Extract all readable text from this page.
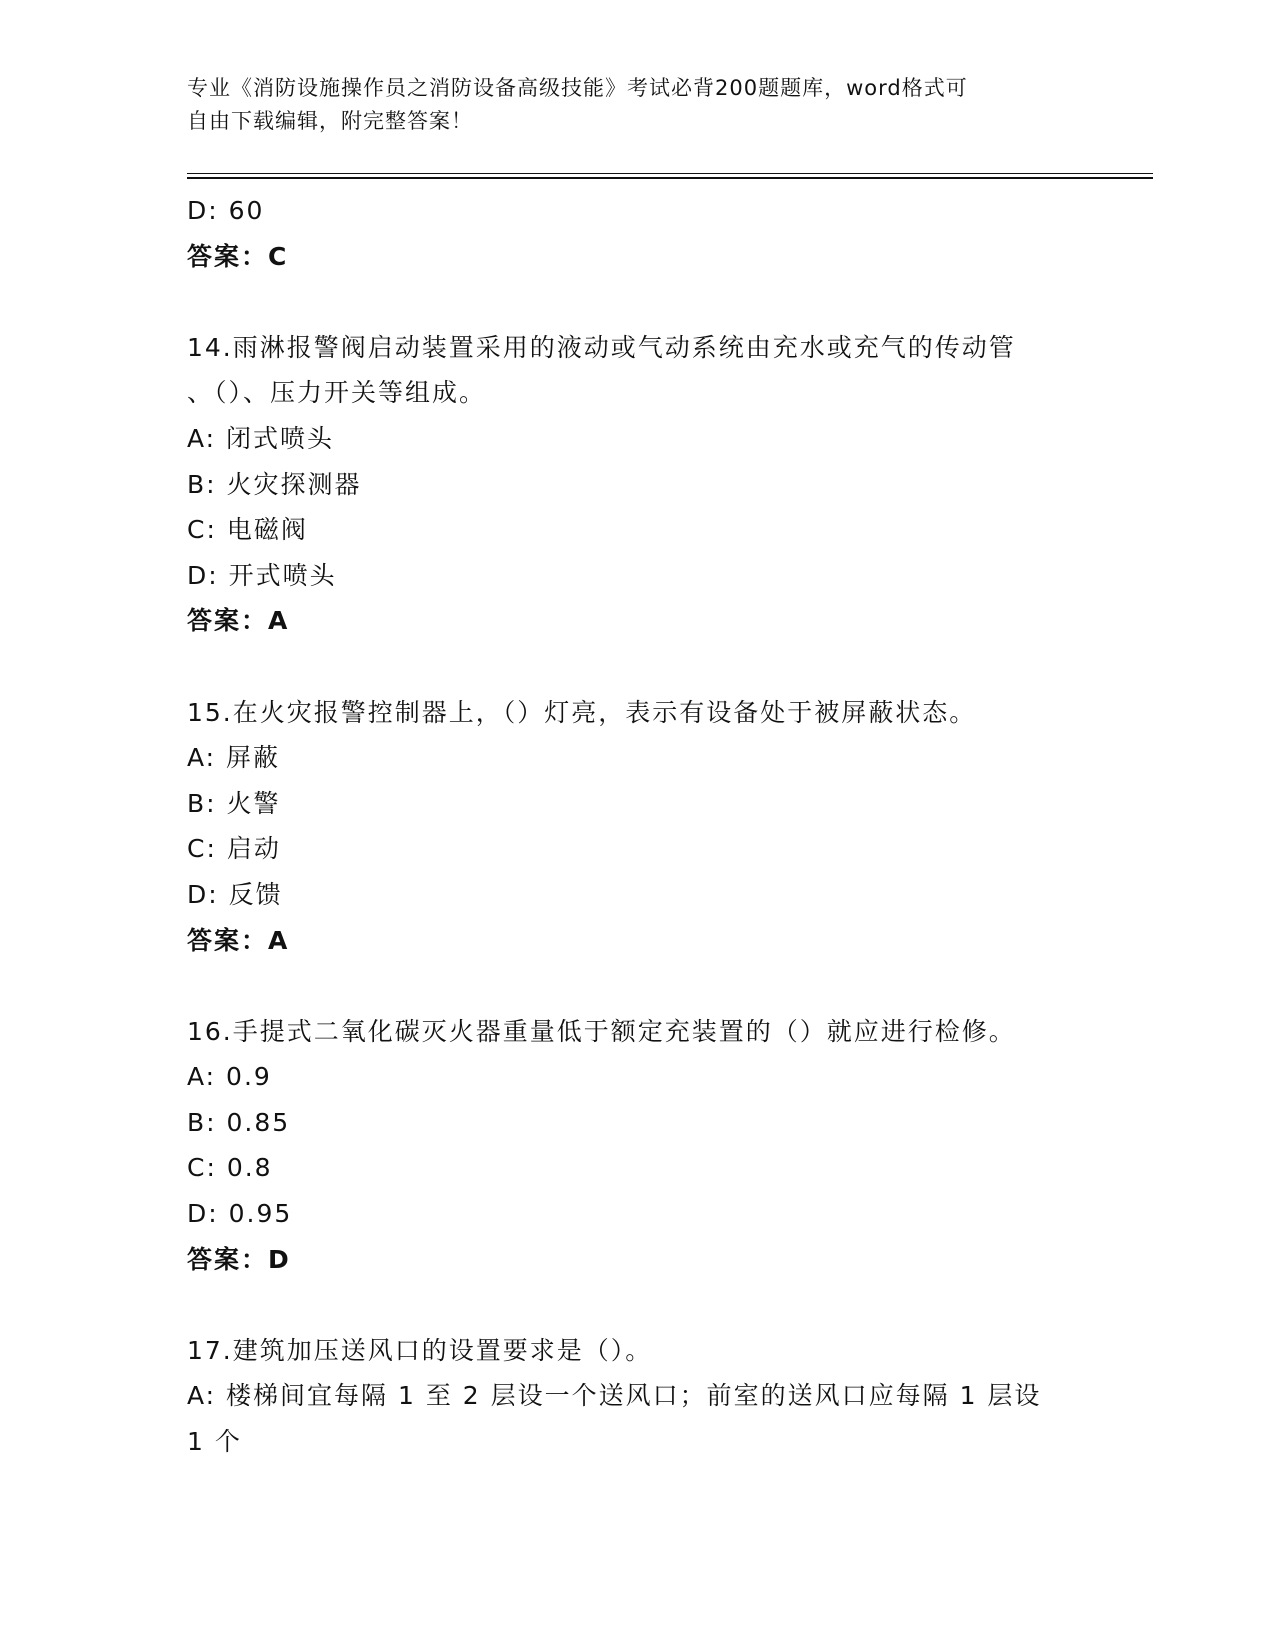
专业《消防设施操作员之消防设备高级技能》考试必背200题题库，word格式可
自由下载编辑，附完整答案！
D: 60
答案：C
14.雨淋报警阀启动装置采用的液动或气动系统由充水或充气的传动管
、（）、压力开关等组成。
A: 闭式喷头
B: 火灾探测器
C: 电磁阀
D: 开式喷头
答案：A
15.在火灾报警控制器上，（）灯亮，表示有设备处于被屏蔽状态。
A: 屏蔽
B: 火警
C: 启动
D: 反馈
答案：A
16.手提式二氧化碳灭火器重量低于额定充装置的（）就应进行检修。
A: 0.9
B: 0.85
C: 0.8
D: 0.95
答案：D
17.建筑加压送风口的设置要求是（）。
A: 楼梯间宜每隔 1 至 2 层设一个送风口；前室的送风口应每隔 1 层设
1 个
